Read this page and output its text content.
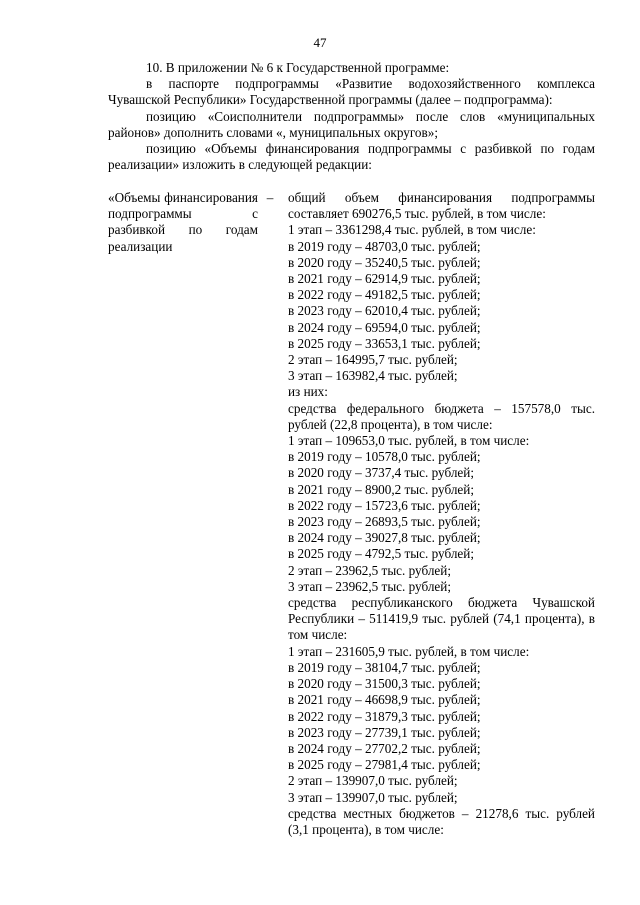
47

10. В приложении № 6 к Государственной программе:

в паспорте подпрограммы «Развитие водохозяйственного комплекса Чувашской Республики» Государственной программы (далее – подпрограмма):

позицию «Соисполнители подпрограммы» после слов «муниципальных районов» дополнить словами «, муниципальных округов»;

позицию «Объемы финансирования подпрограммы с разбивкой по годам реализации» изложить в следующей редакции:

«Объемы финансирования подпрограммы с разбивкой по годам реализации
– общий объем финансирования подпрограммы составляет 690276,5 тыс. рублей, в том числе:
1 этап – 3361298,4 тыс. рублей, в том числе:
в 2019 году – 48703,0 тыс. рублей;
в 2020 году – 35240,5 тыс. рублей;
в 2021 году – 62914,9 тыс. рублей;
в 2022 году – 49182,5 тыс. рублей;
в 2023 году – 62010,4 тыс. рублей;
в 2024 году – 69594,0 тыс. рублей;
в 2025 году – 33653,1 тыс. рублей;
2 этап – 164995,7 тыс. рублей;
3 этап – 163982,4 тыс. рублей;
из них:
средства федерального бюджета – 157578,0 тыс. рублей (22,8 процента), в том числе:
1 этап – 109653,0 тыс. рублей, в том числе:
в 2019 году – 10578,0 тыс. рублей;
в 2020 году – 3737,4 тыс. рублей;
в 2021 году – 8900,2 тыс. рублей;
в 2022 году – 15723,6 тыс. рублей;
в 2023 году – 26893,5 тыс. рублей;
в 2024 году – 39027,8 тыс. рублей;
в 2025 году – 4792,5 тыс. рублей;
2 этап – 23962,5 тыс. рублей;
3 этап – 23962,5 тыс. рублей;
средства республиканского бюджета Чувашской Республики – 511419,9 тыс. рублей (74,1 процента), в том числе:
1 этап – 231605,9 тыс. рублей, в том числе:
в 2019 году – 38104,7 тыс. рублей;
в 2020 году – 31500,3 тыс. рублей;
в 2021 году – 46698,9 тыс. рублей;
в 2022 году – 31879,3 тыс. рублей;
в 2023 году – 27739,1 тыс. рублей;
в 2024 году – 27702,2 тыс. рублей;
в 2025 году – 27981,4 тыс. рублей;
2 этап – 139907,0 тыс. рублей;
3 этап – 139907,0 тыс. рублей;
средства местных бюджетов – 21278,6 тыс. рублей (3,1 процента), в том числе:
